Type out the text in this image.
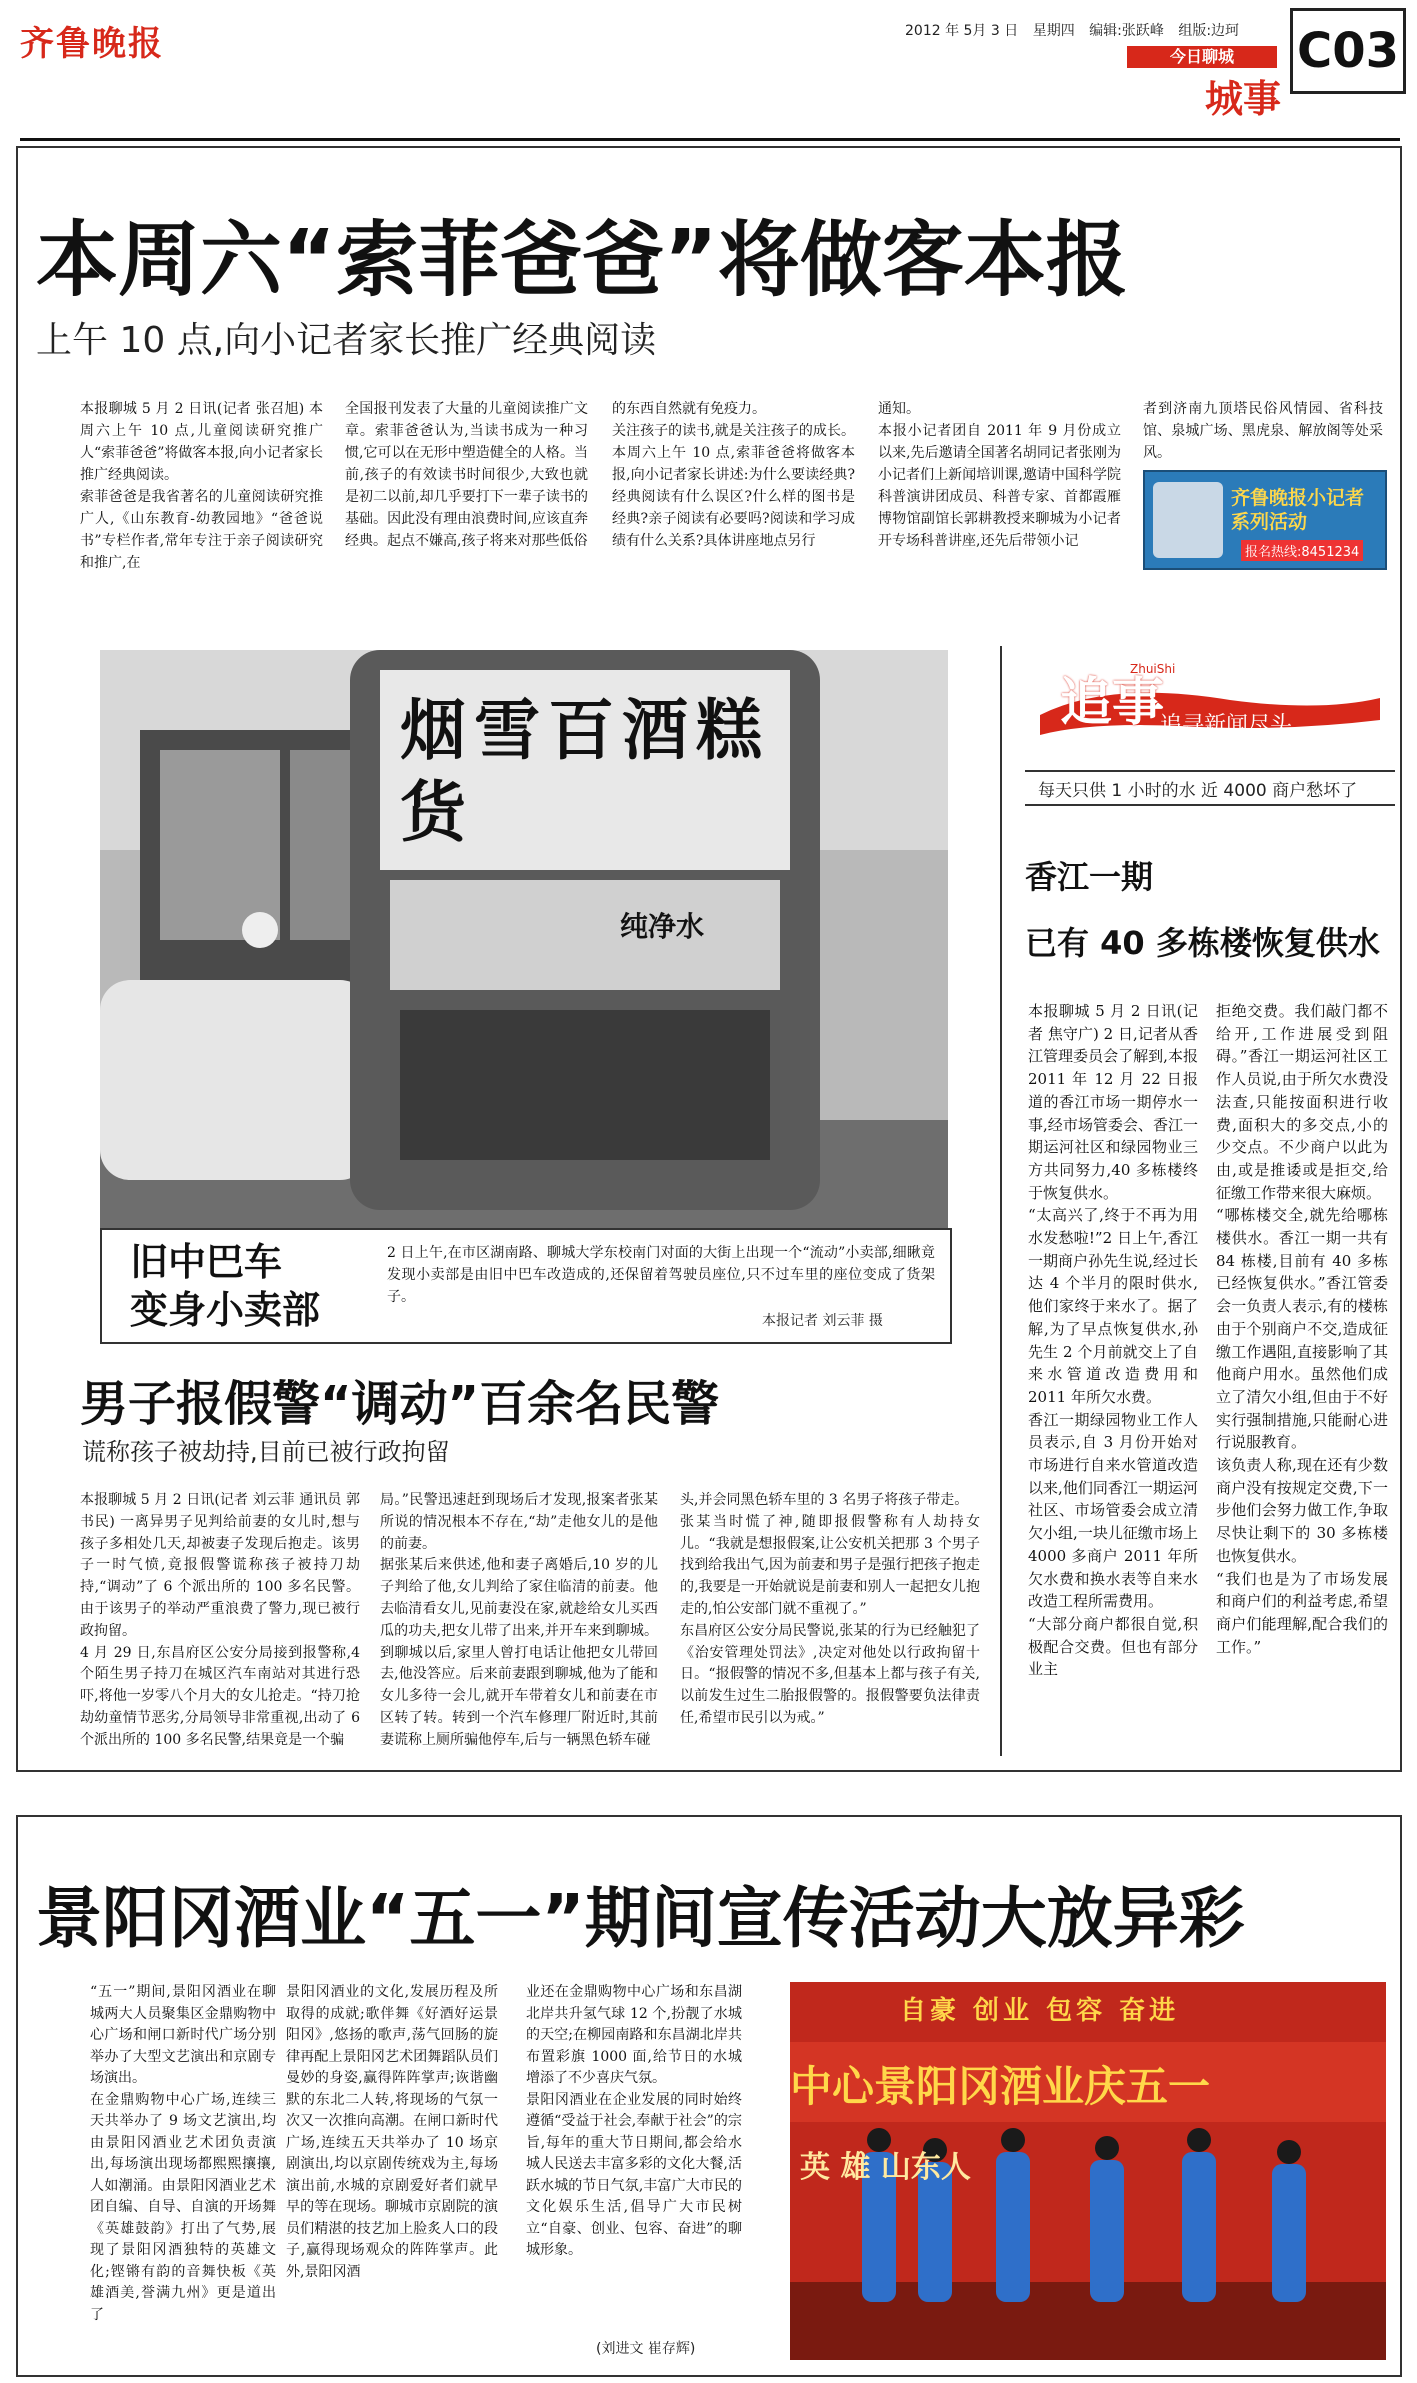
齐鲁晚报	2012 年 5月 3 日 星期四 编辑:张跃峰 组版:边珂
今日聊城
城事
C03
本周六“索菲爸爸”将做客本报
上午 10 点,向小记者家长推广经典阅读
本报聊城 5 月 2 日讯(记者 张召旭) 本周六上午 10 点,儿童阅读研究推广人“索菲爸爸”将做客本报,向小记者家长推广经典阅读。
索菲爸爸是我省著名的儿童阅读研究推广人,《山东教育-幼教园地》“爸爸说书”专栏作者,常年专注于亲子阅读研究和推广,在
全国报刊发表了大量的儿童阅读推广文章。索菲爸爸认为,当读书成为一种习惯,它可以在无形中塑造健全的人格。当前,孩子的有效读书时间很少,大致也就是初二以前,却几乎要打下一辈子读书的基础。因此没有理由浪费时间,应该直奔经典。起点不嫌高,孩子将来对那些低俗
的东西自然就有免疫力。
关注孩子的读书,就是关注孩子的成长。本周六上午 10 点,索菲爸爸将做客本报,向小记者家长讲述:为什么要读经典?经典阅读有什么误区?什么样的图书是经典?亲子阅读有必要吗?阅读和学习成绩有什么关系?具体讲座地点另行
通知。
本报小记者团自 2011 年 9 月份成立以来,先后邀请全国著名胡同记者张刚为小记者们上新闻培训课,邀请中国科学院科普演讲团成员、科普专家、首都霞雁博物馆副馆长郭耕教授来聊城为小记者开专场科普讲座,还先后带领小记
者到济南九顶塔民俗风情园、省科技馆、泉城广场、黑虎泉、解放阁等处采风。
齐鲁晚报小记者系列活动
报名热线:8451234
烟雪百酒糕货
纯净水
旧中巴车
变身小卖部
2 日上午,在市区湖南路、聊城大学东校南门对面的大街上出现一个“流动”小卖部,细瞅竟发现小卖部是由旧中巴车改造成的,还保留着驾驶员座位,只不过车里的座位变成了货架子。
本报记者 刘云菲 摄
追事
ZhuiShi
追寻新闻尽头
每天只供 1 小时的水 近 4000 商户愁坏了
香江一期
已有 40 多栋楼恢复供水
本报聊城 5 月 2 日讯(记者 焦守广) 2 日,记者从香江管理委员会了解到,本报 2011 年 12 月 22 日报道的香江市场一期停水一事,经市场管委会、香江一期运河社区和绿园物业三方共同努力,40 多栋楼终于恢复供水。
“太高兴了,终于不再为用水发愁啦!”2 日上午,香江一期商户孙先生说,经过长达 4 个半月的限时供水,他们家终于来水了。据了解,为了早点恢复供水,孙先生 2 个月前就交上了自来水管道改造费用和 2011 年所欠水费。
香江一期绿园物业工作人员表示,自 3 月份开始对市场进行自来水管道改造以来,他们同香江一期运河社区、市场管委会成立清欠小组,一块儿征缴市场上 4000 多商户 2011 年所欠水费和换水表等自来水改造工程所需费用。
“大部分商户都很自觉,积极配合交费。但也有部分业主
拒绝交费。我们敲门都不给开,工作进展受到阻碍。”香江一期运河社区工作人员说,由于所欠水费没法查,只能按面积进行收费,面积大的多交点,小的少交点。不少商户以此为由,或是推诿或是拒交,给征缴工作带来很大麻烦。
“哪栋楼交全,就先给哪栋楼供水。香江一期一共有 84 栋楼,目前有 40 多栋已经恢复供水。”香江管委会一负责人表示,有的楼栋由于个别商户不交,造成征缴工作遇阻,直接影响了其他商户用水。虽然他们成立了清欠小组,但由于不好实行强制措施,只能耐心进行说服教育。
该负责人称,现在还有少数商户没有按规定交费,下一步他们会努力做工作,争取尽快让剩下的 30 多栋楼也恢复供水。
“我们也是为了市场发展和商户们的利益考虑,希望商户们能理解,配合我们的工作。”
男子报假警“调动”百余名民警
谎称孩子被劫持,目前已被行政拘留
本报聊城 5 月 2 日讯(记者 刘云菲 通讯员 郭书民) 一离异男子见判给前妻的女儿时,想与孩子多相处几天,却被妻子发现后抱走。该男子一时气愤,竟报假警谎称孩子被持刀劫持,“调动”了 6 个派出所的 100 多名民警。由于该男子的举动严重浪费了警力,现已被行政拘留。
4 月 29 日,东昌府区公安分局接到报警称,4 个陌生男子持刀在城区汽车南站对其进行恐吓,将他一岁零八个月大的女儿抢走。“持刀抢劫幼童情节恶劣,分局领导非常重视,出动了 6 个派出所的 100 多名民警,结果竟是一个骗
局。”民警迅速赶到现场后才发现,报案者张某所说的情况根本不存在,“劫”走他女儿的是他的前妻。
据张某后来供述,他和妻子离婚后,10 岁的儿子判给了他,女儿判给了家住临清的前妻。他去临清看女儿,见前妻没在家,就趁给女儿买西瓜的功夫,把女儿带了出来,并开车来到聊城。到聊城以后,家里人曾打电话让他把女儿带回去,他没答应。后来前妻跟到聊城,他为了能和女儿多待一会儿,就开车带着女儿和前妻在市区转了转。转到一个汽车修理厂附近时,其前妻谎称上厕所骗他停车,后与一辆黑色轿车碰
头,并会同黑色轿车里的 3 名男子将孩子带走。
张某当时慌了神,随即报假警称有人劫持女儿。“我就是想报假案,让公安机关把那 3 个男子找到给我出气,因为前妻和男子是强行把孩子抱走的,我要是一开始就说是前妻和别人一起把女儿抱走的,怕公安部门就不重视了。”
东昌府区公安分局民警说,张某的行为已经触犯了《治安管理处罚法》,决定对他处以行政拘留十日。“报假警的情况不多,但基本上都与孩子有关,以前发生过生二胎报假警的。报假警要负法律责任,希望市民引以为戒。”
景阳冈酒业“五一”期间宣传活动大放异彩
“五一”期间,景阳冈酒业在聊城两大人员聚集区金鼎购物中心广场和闸口新时代广场分别举办了大型文艺演出和京剧专场演出。
在金鼎购物中心广场,连续三天共举办了 9 场文艺演出,均由景阳冈酒业艺术团负责演出,每场演出现场都熙熙攘攘,人如潮涌。由景阳冈酒业艺术团自编、自导、自演的开场舞《英雄鼓韵》打出了气势,展现了景阳冈酒独特的英雄文化;铿锵有韵的音舞快板《英雄酒美,誉满九州》更是道出了
景阳冈酒业的文化,发展历程及所取得的成就;歌伴舞《好酒好运景阳冈》,悠扬的歌声,荡气回肠的旋律再配上景阳冈艺术团舞蹈队员们曼妙的身姿,赢得阵阵掌声;诙谐幽默的东北二人转,将现场的气氛一次又一次推向高潮。在闸口新时代广场,连续五天共举办了 10 场京剧演出,均以京剧传统戏为主,每场演出前,水城的京剧爱好者们就早早的等在现场。聊城市京剧院的演员们精湛的技艺加上脸炙人口的段子,赢得现场观众的阵阵掌声。此外,景阳冈酒
业还在金鼎购物中心广场和东昌湖北岸共升氢气球 12 个,扮靓了水城的天空;在柳园南路和东昌湖北岸共布置彩旗 1000 面,给节日的水城增添了不少喜庆气氛。
景阳冈酒业在企业发展的同时始终遵循“受益于社会,奉献于社会”的宗旨,每年的重大节日期间,都会给水城人民送去丰富多彩的文化大餐,活跃水城的节日气氛,丰富广大市民的文化娱乐生活,倡导广大市民树立“自豪、创业、包容、奋进”的聊城形象。
(刘进文 崔存辉)
自豪 创业 包容 奋进
中心景阳冈酒业庆五一
英 雄 山东人
